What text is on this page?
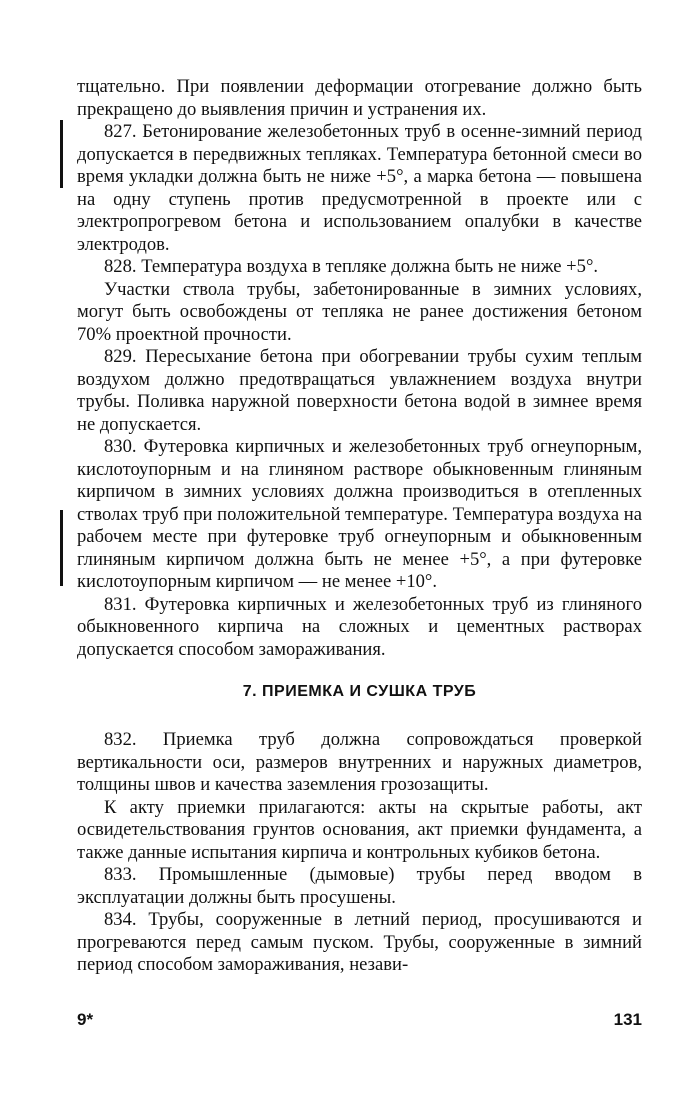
тщательно. При появлении деформации отогревание должно быть прекращено до выявления причин и устранения их.

827. Бетонирование железобетонных труб в осенне-зимний период допускается в передвижных тепляках. Температура бетонной смеси во время укладки должна быть не ниже +5°, а марка бетона — повышена на одну ступень против предусмотренной в проекте или с электропрогревом бетона и использованием опалубки в качестве электродов.

828. Температура воздуха в тепляке должна быть не ниже +5°.

Участки ствола трубы, забетонированные в зимних условиях, могут быть освобождены от тепляка не ранее достижения бетоном 70% проектной прочности.

829. Пересыхание бетона при обогревании трубы сухим теплым воздухом должно предотвращаться увлажнением воздуха внутри трубы. Поливка наружной поверхности бетона водой в зимнее время не допускается.

830. Футеровка кирпичных и железобетонных труб огнеупорным, кислотоупорным и на глиняном растворе обыкновенным глиняным кирпичом в зимних условиях должна производиться в отепленных стволах труб при положительной температуре. Температура воздуха на рабочем месте при футеровке труб огнеупорным и обыкновенным глиняным кирпичом должна быть не менее +5°, а при футеровке кислотоупорным кирпичом — не менее +10°.

831. Футеровка кирпичных и железобетонных труб из глиняного обыкновенного кирпича на сложных и цементных растворах допускается способом замораживания.

7. ПРИЕМКА И СУШКА ТРУБ

832. Приемка труб должна сопровождаться проверкой вертикальности оси, размеров внутренних и наружных диаметров, толщины швов и качества заземления грозозащиты.

К акту приемки прилагаются: акты на скрытые работы, акт освидетельствования грунтов основания, акт приемки фундамента, а также данные испытания кирпича и контрольных кубиков бетона.

833. Промышленные (дымовые) трубы перед вводом в эксплуатации должны быть просушены.

834. Трубы, сооруженные в летний период, просушиваются и прогреваются перед самым пуском. Трубы, сооруженные в зимний период способом замораживания, незави-

9*	131
